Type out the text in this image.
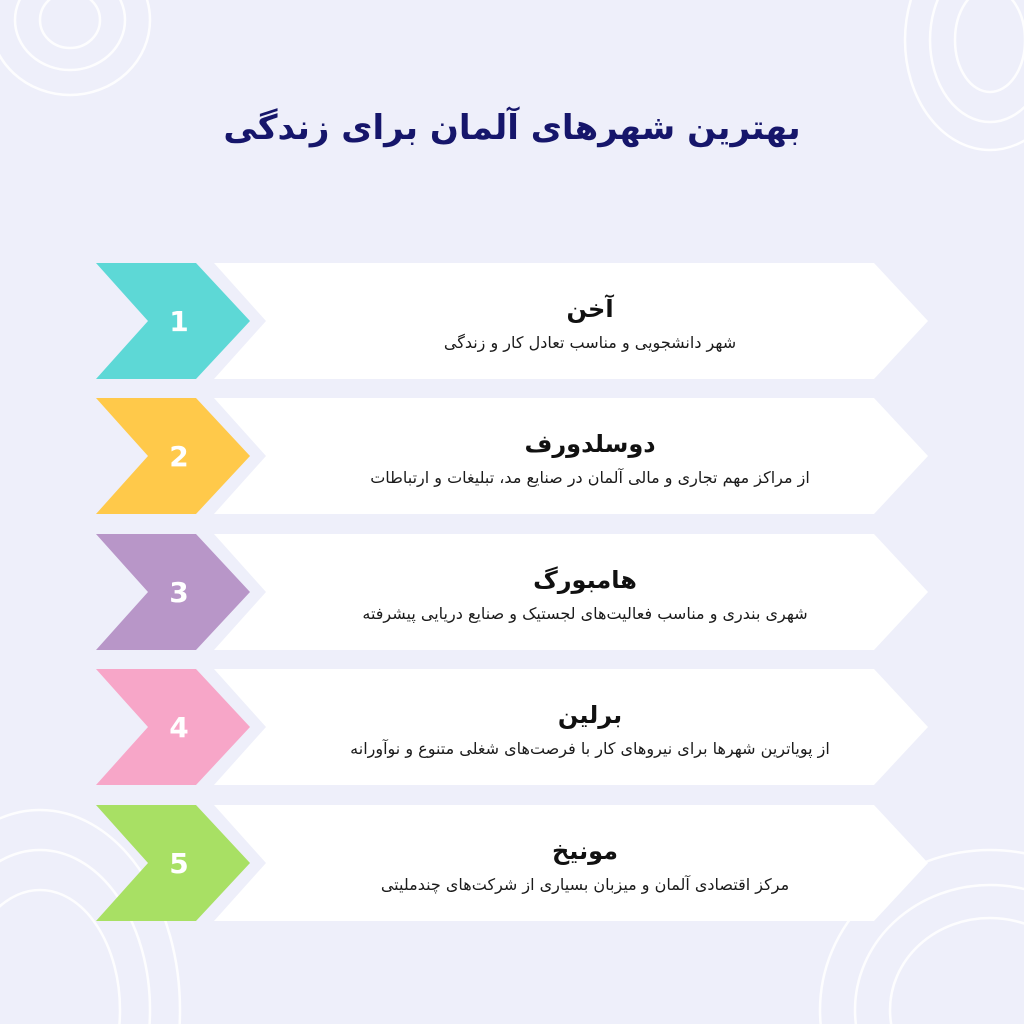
بهترین شهرهای آلمان برای زندگی
1	آخن
شهر دانشجویی و مناسب تعادل کار و زندگی
2	دوسلدورف
از مراکز مهم تجاری و مالی آلمان در صنایع مد، تبلیغات و ارتباطات
3	هامبورگ
شهری بندری و مناسب فعالیت‌های لجستیک و صنایع دریایی پیشرفته
4	برلین
از پویاترین شهرها برای نیروهای کار با فرصت‌های شغلی متنوع و نوآورانه
5	مونیخ
مرکز اقتصادی آلمان و میزبان بسیاری از شرکت‌های چندملیتی
